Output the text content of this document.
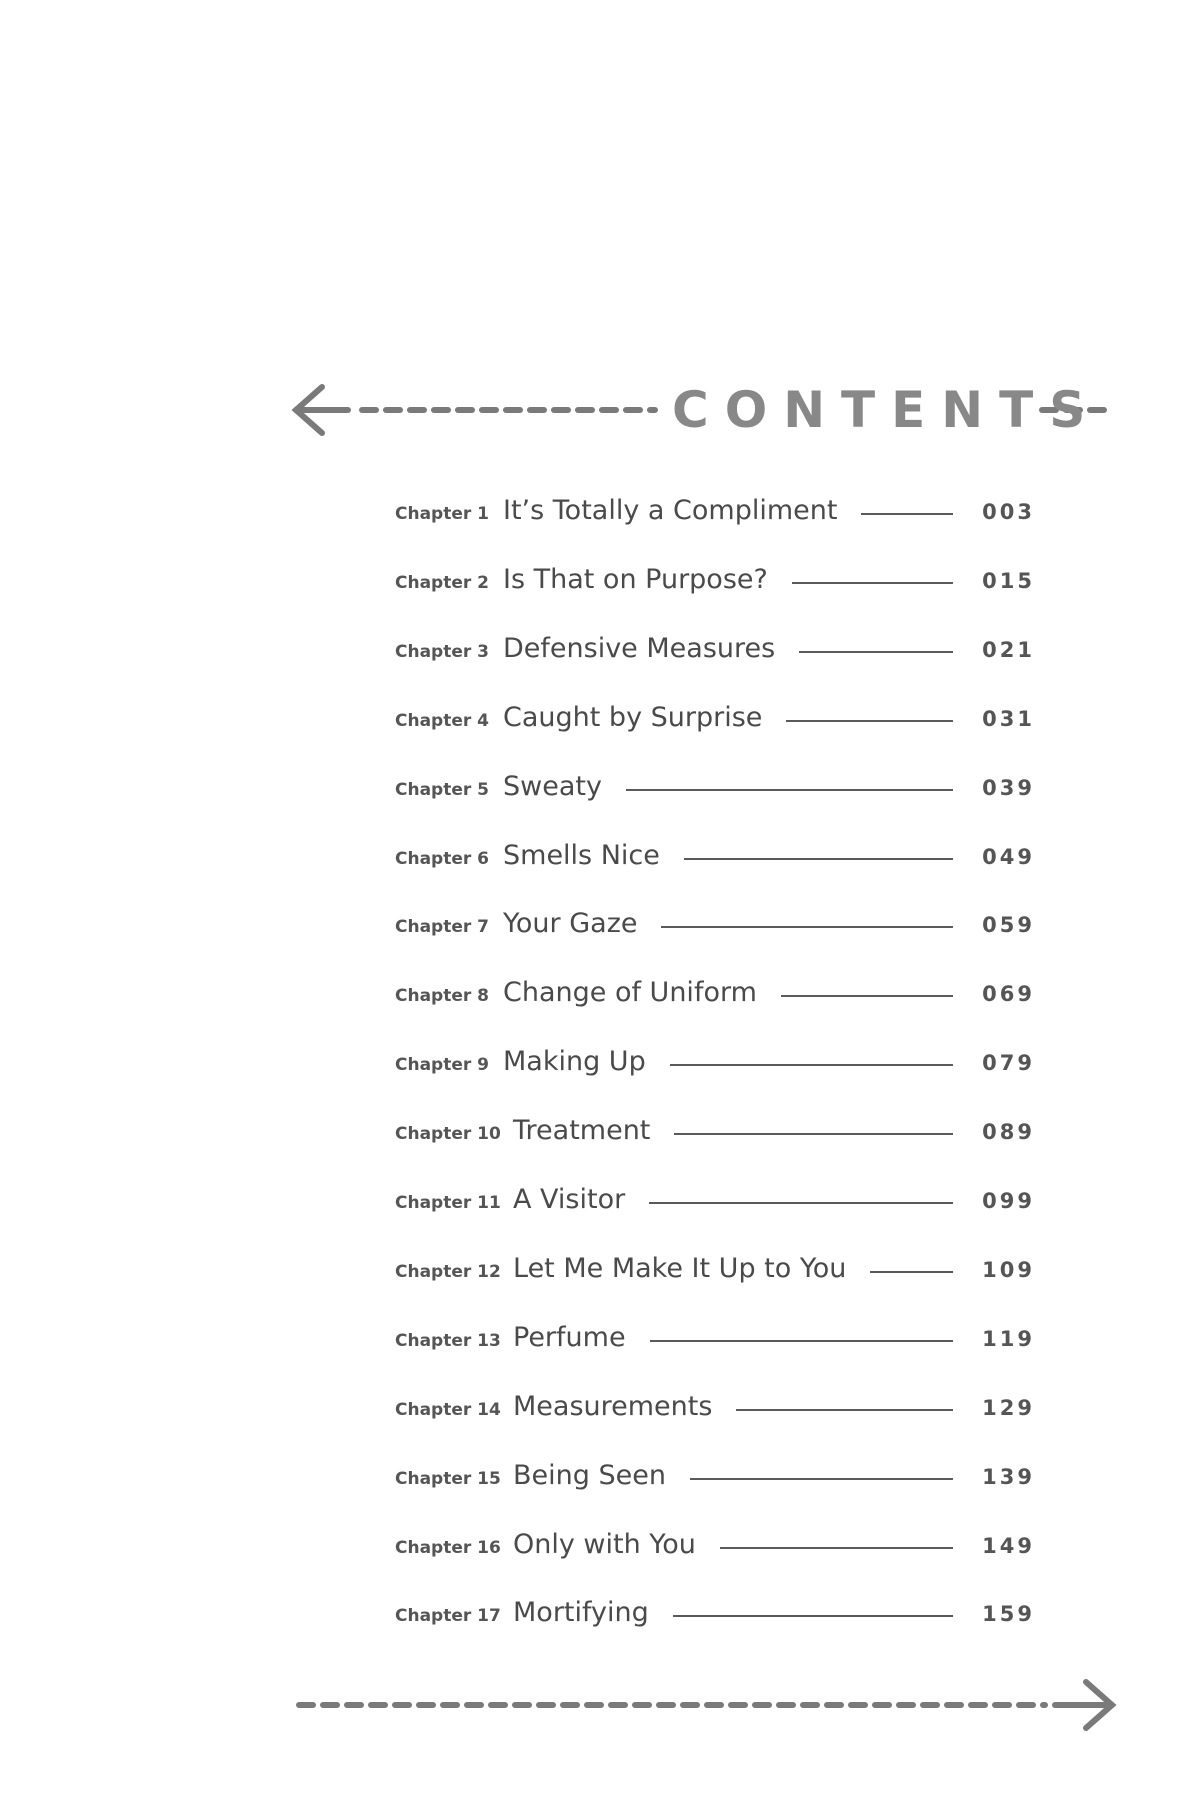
CONTENTS
Chapter 1 It’s Totally a Compliment	003
Chapter 2 Is That on Purpose?	015
Chapter 3 Defensive Measures	021
Chapter 4 Caught by Surprise	031
Chapter 5 Sweaty	039
Chapter 6 Smells Nice	049
Chapter 7 Your Gaze	059
Chapter 8 Change of Uniform	069
Chapter 9 Making Up	079
Chapter 10 Treatment	089
Chapter 11 A Visitor	099
Chapter 12 Let Me Make It Up to You	109
Chapter 13 Perfume	119
Chapter 14 Measurements	129
Chapter 15 Being Seen	139
Chapter 16 Only with You	149
Chapter 17 Mortifying	159
